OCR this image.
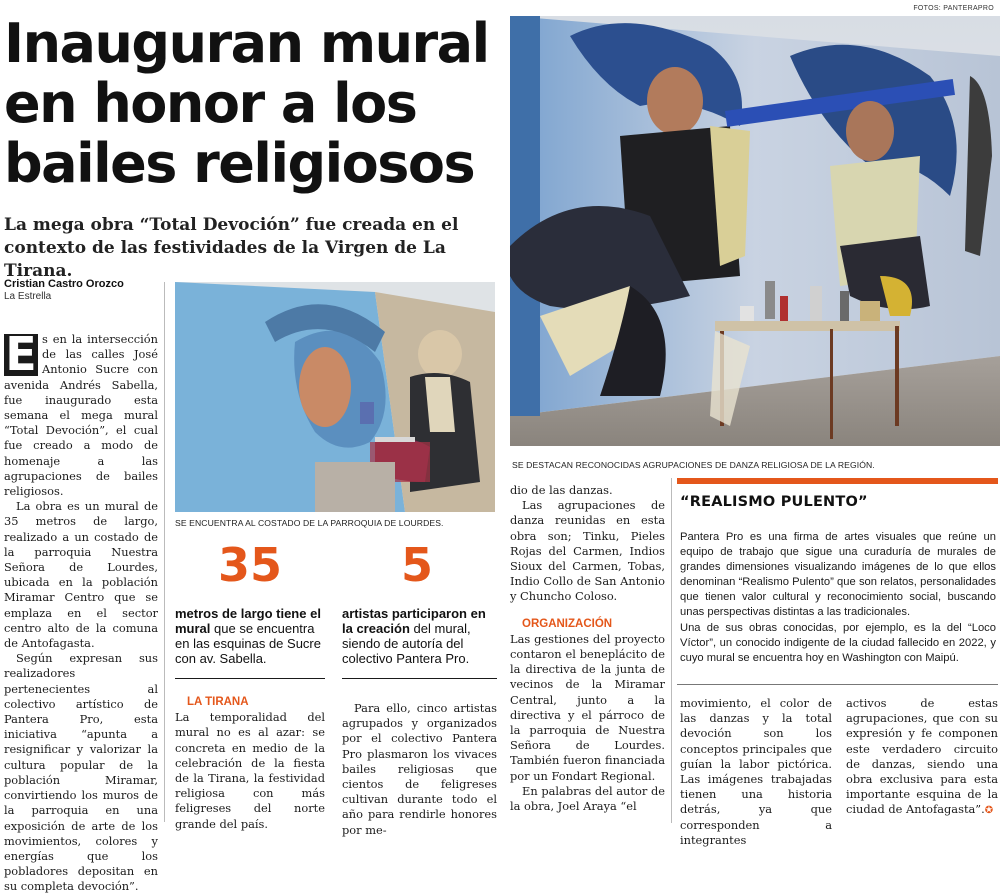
FOTOS: PANTERAPRO
Inauguran mural en honor a los bailes religiosos
La mega obra “Total Devoción” fue creada en el contexto de las festividades de la Virgen de La Tirana.
Cristian Castro Orozco
La Estrella
SE DESTACAN RECONOCIDAS AGRUPACIONES DE DANZA RELIGIOSA DE LA REGIÓN.
SE ENCUENTRA AL COSTADO DE LA PARROQUIA DE LOURDES.

E s en la intersección de las calles José Antonio Sucre con avenida Andrés Sabella, fue inaugurado esta semana el mega mural “Total Devoción”, el cual fue creado a modo de homenaje a las agrupaciones de bailes religiosos.

La obra es un mural de 35 metros de largo, realizado a un costado de la parroquia Nuestra Señora de Lourdes, ubicada en la población Miramar Centro que se emplaza en el sector centro alto de la comuna de Antofagasta.

Según expresan sus realizadores pertenecientes al colectivo artístico de Pantera Pro, esta iniciativa “apunta a resignificar y valorizar la cultura popular de la población Miramar, convirtiendo los muros de la parroquia en una exposición de arte de los movimientos, colores y energías que los pobladores depositan en su completa devoción”.

35
metros de largo tiene el mural que se encuentra en las esquinas de Sucre con av. Sabella.
5
artistas participaron en la creación del mural, siendo de autoría del colectivo Pantera Pro.

LA TIRANA

La temporalidad del mural no es al azar: se concreta en medio de la celebración de la fiesta de la Tirana, la festividad religiosa con más feligreses del norte grande del país.

Para ello, cinco artistas agrupados y organizados por el colectivo Pantera Pro plasmaron los vivaces bailes religiosas que cientos de feligreses cultivan durante todo el año para rendirle honores por me-

dio de las danzas.

Las agrupaciones de danza reunidas en esta obra son; Tinku, Pieles Rojas del Carmen, Indios Sioux del Carmen, Tobas, Indio Collo de San Antonio y Chuncho Coloso.

ORGANIZACIÓN

Las gestiones del proyecto contaron el beneplácito de la directiva de la junta de vecinos de la Miramar Central, junto a la directiva y el párroco de la parroquia de Nuestra Señora de Lourdes. También fueron financiada por un Fondart Regional.

En palabras del autor de la obra, Joel Araya “el

“REALISMO PULENTO”

Pantera Pro es una firma de artes visuales que reúne un equipo de trabajo que sigue una curaduría de murales de grandes dimensiones visualizando imágenes de lo que ellos denominan “Realismo Pulento” que son relatos, personalidades que tienen valor cultural y reconocimiento social, buscando unas perspectivas distintas a las tradicionales.

Una de sus obras conocidas, por ejemplo, es la del “Loco Víctor”, un conocido indigente de la ciudad fallecido en 2022, y cuyo mural se encuentra hoy en Washington con Maipú.

movimiento, el color de las danzas y la total devoción son los conceptos principales que guían la labor pictórica. Las imágenes trabajadas tienen una historia detrás, ya que corresponden a integrantes

activos de estas agrupaciones, que con su expresión y fe componen este verdadero circuito de danzas, siendo una obra exclusiva para esta importante esquina de la ciudad de Antofagasta”.✪
